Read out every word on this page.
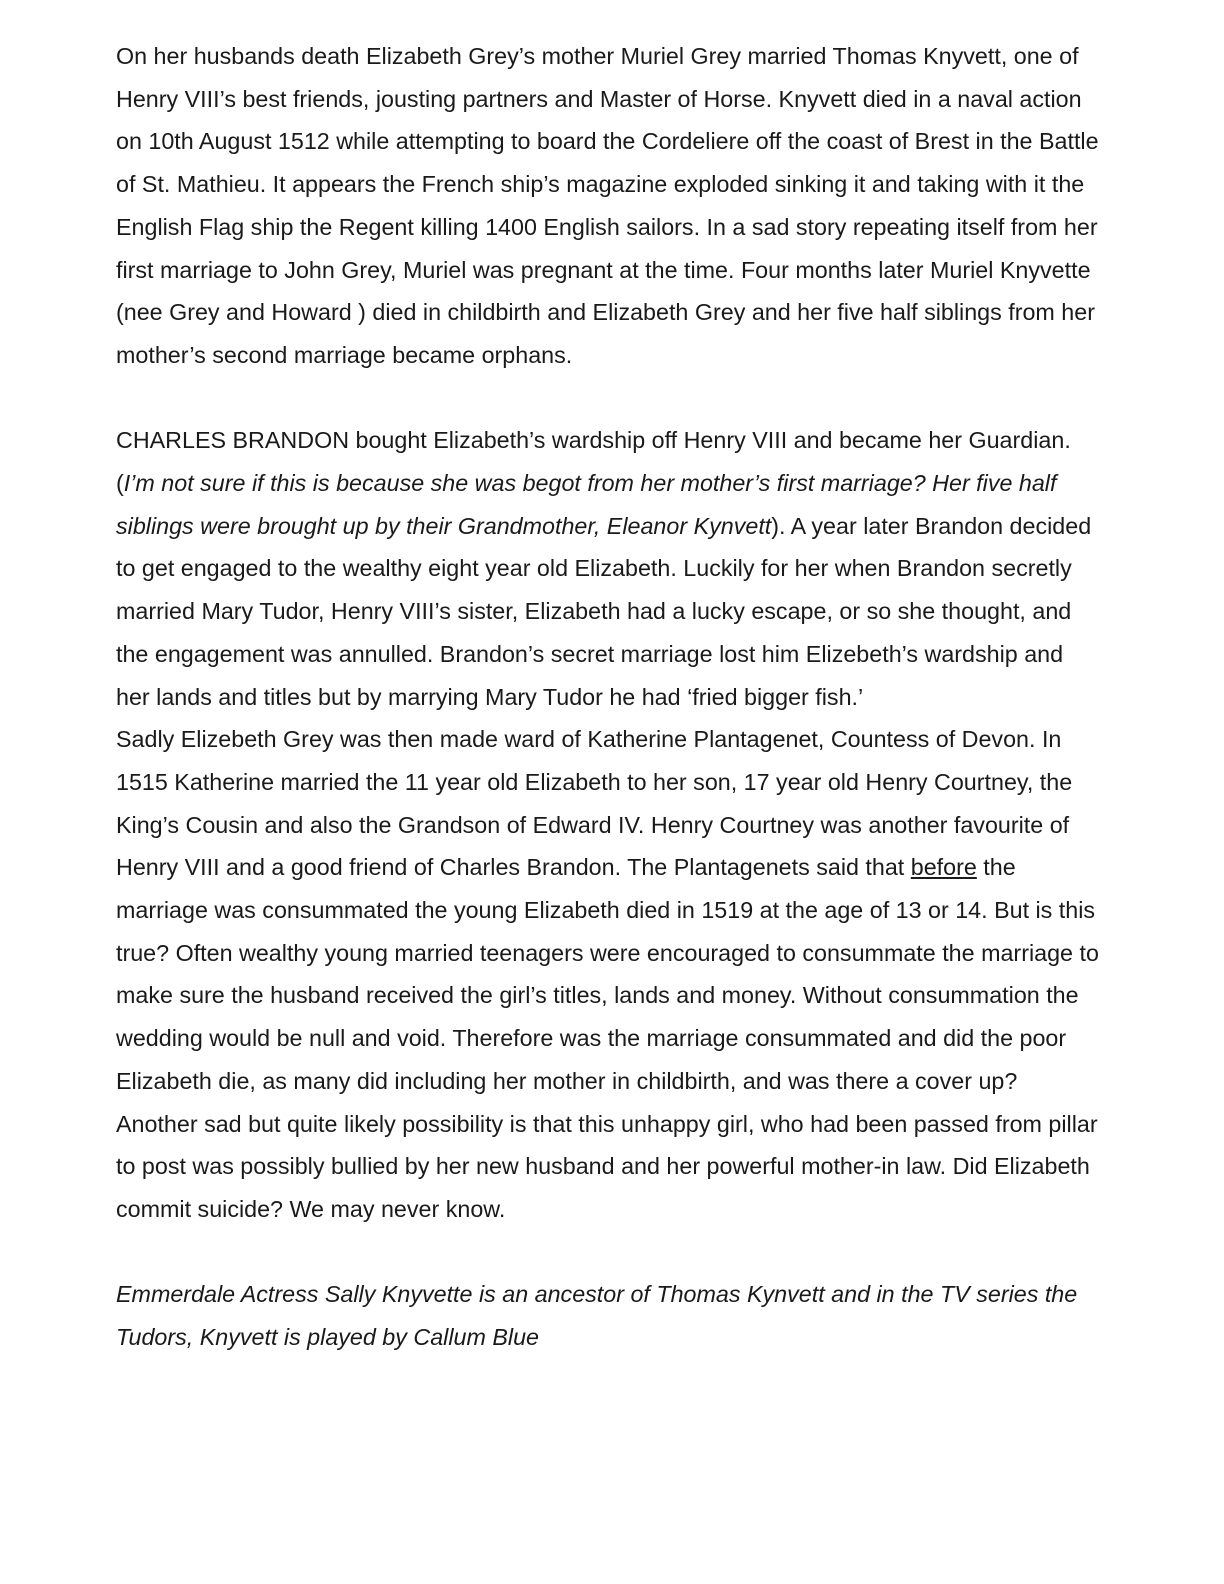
On her husbands death Elizabeth Grey’s mother Muriel Grey married Thomas Knyvett, one of Henry VIII’s best friends, jousting partners and Master of Horse. Knyvett died in a naval action on 10th August 1512 while attempting to board the Cordeliere off the coast of Brest in the Battle of St. Mathieu. It appears the French ship’s magazine exploded sinking it and taking with it the English Flag ship the Regent killing 1400 English sailors. In a sad story repeating itself from her first marriage to John Grey, Muriel was pregnant at the time. Four months later Muriel Knyvette (nee Grey and Howard ) died in childbirth and Elizabeth Grey and her five half siblings from her mother’s second marriage became orphans.

CHARLES BRANDON bought Elizabeth’s wardship off Henry VIII and became her Guardian. (I’m not sure if this is because she was begot from her mother’s first marriage? Her five half siblings were brought up by their Grandmother, Eleanor Kynvett). A year later Brandon decided to get engaged to the wealthy eight year old Elizabeth. Luckily for her when Brandon secretly married Mary Tudor, Henry VIII’s sister, Elizabeth had a lucky escape, or so she thought, and the engagement was annulled. Brandon’s secret marriage lost him Elizebeth’s wardship and her lands and titles but by marrying Mary Tudor he had ‘fried bigger fish.’

Sadly Elizebeth Grey was then made ward of Katherine Plantagenet, Countess of Devon. In 1515 Katherine married the 11 year old Elizabeth to her son, 17 year old Henry Courtney, the King’s Cousin and also the Grandson of Edward IV. Henry Courtney was another favourite of Henry VIII and a good friend of Charles Brandon. The Plantagenets said that before the marriage was consummated the young Elizabeth died in 1519 at the age of 13 or 14. But is this true? Often wealthy young married teenagers were encouraged to consummate the marriage to make sure the husband received the girl’s titles, lands and money. Without consummation the wedding would be null and void. Therefore was the marriage consummated and did the poor Elizabeth die, as many did including her mother in childbirth, and was there a cover up? Another sad but quite likely possibility is that this unhappy girl, who had been passed from pillar to post was possibly bullied by her new husband and her powerful mother-in law. Did Elizabeth commit suicide? We may never know.

Emmerdale Actress Sally Knyvette is an ancestor of Thomas Kynvett and in the TV series the Tudors, Knyvett is played by Callum Blue
